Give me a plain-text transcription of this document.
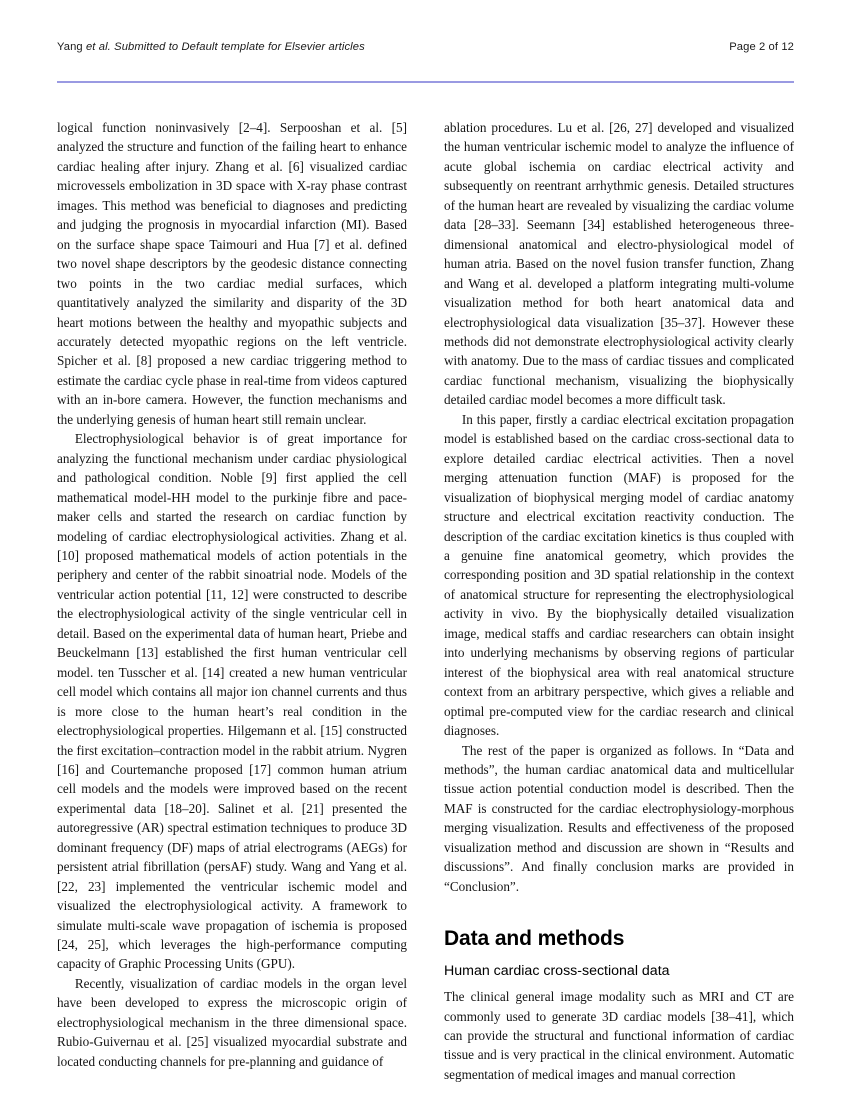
Yang et al. Submitted to Default template for Elsevier articles	Page 2 of 12

logical function noninvasively [2–4]. Serpooshan et al. [5] analyzed the structure and function of the failing heart to enhance cardiac healing after injury. Zhang et al. [6] visualized cardiac microvessels embolization in 3D space with X-ray phase contrast images. This method was beneficial to diagnoses and predicting and judging the prognosis in myocardial infarction (MI). Based on the surface shape space Taimouri and Hua [7] et al. defined two novel shape descriptors by the geodesic distance connecting two points in the two cardiac medial surfaces, which quantitatively analyzed the similarity and disparity of the 3D heart motions between the healthy and myopathic subjects and accurately detected myopathic regions on the left ventricle. Spicher et al. [8] proposed a new cardiac triggering method to estimate the cardiac cycle phase in real-time from videos captured with an in-bore camera. However, the function mechanisms and the underlying genesis of human heart still remain unclear.

Electrophysiological behavior is of great importance for analyzing the functional mechanism under cardiac physiological and pathological condition. Noble [9] first applied the cell mathematical model-HH model to the purkinje fibre and pace-maker cells and started the research on cardiac function by modeling of cardiac electrophysiological activities. Zhang et al. [10] proposed mathematical models of action potentials in the periphery and center of the rabbit sinoatrial node. Models of the ventricular action potential [11, 12] were constructed to describe the electrophysiological activity of the single ventricular cell in detail. Based on the experimental data of human heart, Priebe and Beuckelmann [13] established the first human ventricular cell model. ten Tusscher et al. [14] created a new human ventricular cell model which contains all major ion channel currents and thus is more close to the human heart’s real condition in the electrophysiological properties. Hilgemann et al. [15] constructed the first excitation–contraction model in the rabbit atrium. Nygren [16] and Courtemanche proposed [17] common human atrium cell models and the models were improved based on the recent experimental data [18–20]. Salinet et al. [21] presented the autoregressive (AR) spectral estimation techniques to produce 3D dominant frequency (DF) maps of atrial electrograms (AEGs) for persistent atrial fibrillation (persAF) study. Wang and Yang et al. [22, 23] implemented the ventricular ischemic model and visualized the electrophysiological activity. A framework to simulate multi-scale wave propagation of ischemia is proposed [24, 25], which leverages the high-performance computing capacity of Graphic Processing Units (GPU).

Recently, visualization of cardiac models in the organ level have been developed to express the microscopic origin of electrophysiological mechanism in the three dimensional space. Rubio-Guivernau et al. [25] visualized myocardial substrate and located conducting channels for pre-planning and guidance of

ablation procedures. Lu et al. [26, 27] developed and visualized the human ventricular ischemic model to analyze the influence of acute global ischemia on cardiac electrical activity and subsequently on reentrant arrhythmic genesis. Detailed structures of the human heart are revealed by visualizing the cardiac volume data [28–33]. Seemann [34] established heterogeneous three-dimensional anatomical and electro-physiological model of human atria. Based on the novel fusion transfer function, Zhang and Wang et al. developed a platform integrating multi-volume visualization method for both heart anatomical data and electrophysiological data visualization [35–37]. However these methods did not demonstrate electrophysiological activity clearly with anatomy. Due to the mass of cardiac tissues and complicated cardiac functional mechanism, visualizing the biophysically detailed cardiac model becomes a more difficult task.

In this paper, firstly a cardiac electrical excitation propagation model is established based on the cardiac cross-sectional data to explore detailed cardiac electrical activities. Then a novel merging attenuation function (MAF) is proposed for the visualization of biophysical merging model of cardiac anatomy structure and electrical excitation reactivity conduction. The description of the cardiac excitation kinetics is thus coupled with a genuine fine anatomical geometry, which provides the corresponding position and 3D spatial relationship in the context of anatomical structure for representing the electrophysiological activity in vivo. By the biophysically detailed visualization image, medical staffs and cardiac researchers can obtain insight into underlying mechanisms by observing regions of particular interest of the biophysical area with real anatomical structure context from an arbitrary perspective, which gives a reliable and optimal pre-computed view for the cardiac research and clinical diagnoses.

The rest of the paper is organized as follows. In “Data and methods”, the human cardiac anatomical data and multicellular tissue action potential conduction model is described. Then the MAF is constructed for the cardiac electrophysiology-morphous merging visualization. Results and effectiveness of the proposed visualization method and discussion are shown in “Results and discussions”. And finally conclusion marks are provided in “Conclusion”.

Data and methods
Human cardiac cross-sectional data

The clinical general image modality such as MRI and CT are commonly used to generate 3D cardiac models [38–41], which can provide the structural and functional information of cardiac tissue and is very practical in the clinical environment. Automatic segmentation of medical images and manual correction
